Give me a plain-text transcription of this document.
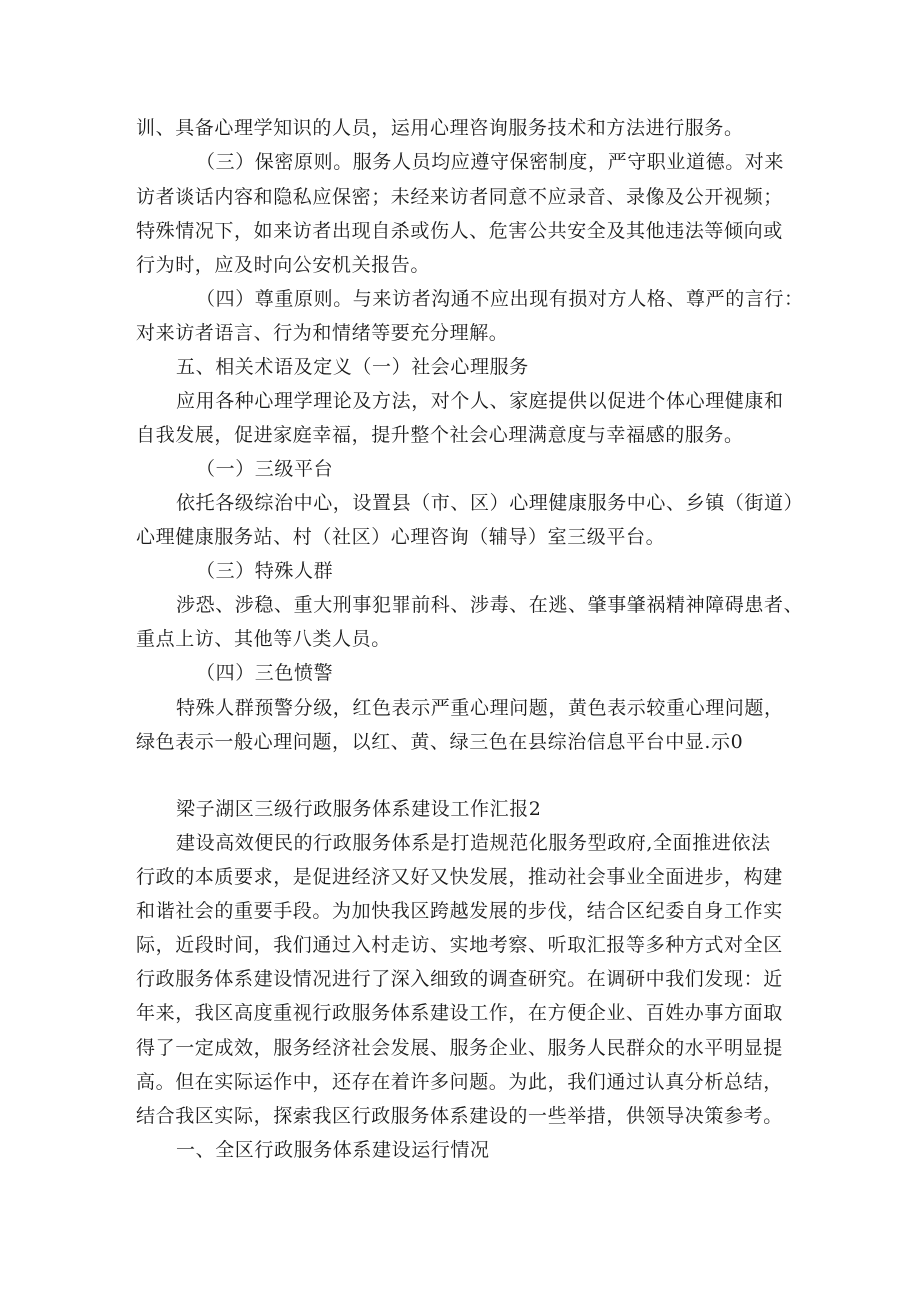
训、具备心理学知识的人员，运用心理咨询服务技术和方法进行服务。
（三）保密原则。服务人员均应遵守保密制度，严守职业道德。对来
访者谈话内容和隐私应保密；未经来访者同意不应录音、录像及公开视频；
特殊情况下，如来访者出现自杀或伤人、危害公共安全及其他违法等倾向或
行为时，应及时向公安机关报告。
（四）尊重原则。与来访者沟通不应出现有损对方人格、尊严的言行：
对来访者语言、行为和情绪等要充分理解。
五、相关术语及定义（一）社会心理服务
应用各种心理学理论及方法，对个人、家庭提供以促进个体心理健康和
自我发展，促进家庭幸福，提升整个社会心理满意度与幸福感的服务。
（一）三级平台
依托各级综治中心，设置县（市、区）心理健康服务中心、乡镇（街道）
心理健康服务站、村（社区）心理咨询（辅导）室三级平台。
（三）特殊人群
涉恐、涉稳、重大刑事犯罪前科、涉毒、在逃、肇事肇祸精神障碍患者、
重点上访、其他等八类人员。
（四）三色愤警
特殊人群预警分级，红色表示严重心理问题，黄色表示较重心理问题，
绿色表示一般心理问题，以红、黄、绿三色在县综治信息平台中显.示0
梁子湖区三级行政服务体系建设工作汇报2
建设高效便民的行政服务体系是打造规范化服务型政府,全面推进依法
行政的本质要求，是促进经济又好又快发展，推动社会事业全面进步，构建
和谐社会的重要手段。为加快我区跨越发展的步伐，结合区纪委自身工作实
际，近段时间，我们通过入村走访、实地考察、听取汇报等多种方式对全区
行政服务体系建设情况进行了深入细致的调查研究。在调研中我们发现：近
年来，我区高度重视行政服务体系建设工作，在方便企业、百姓办事方面取
得了一定成效，服务经济社会发展、服务企业、服务人民群众的水平明显提
高。但在实际运作中，还存在着许多问题。为此，我们通过认真分析总结，
结合我区实际，探索我区行政服务体系建设的一些举措，供领导决策参考。
一、全区行政服务体系建设运行情况
